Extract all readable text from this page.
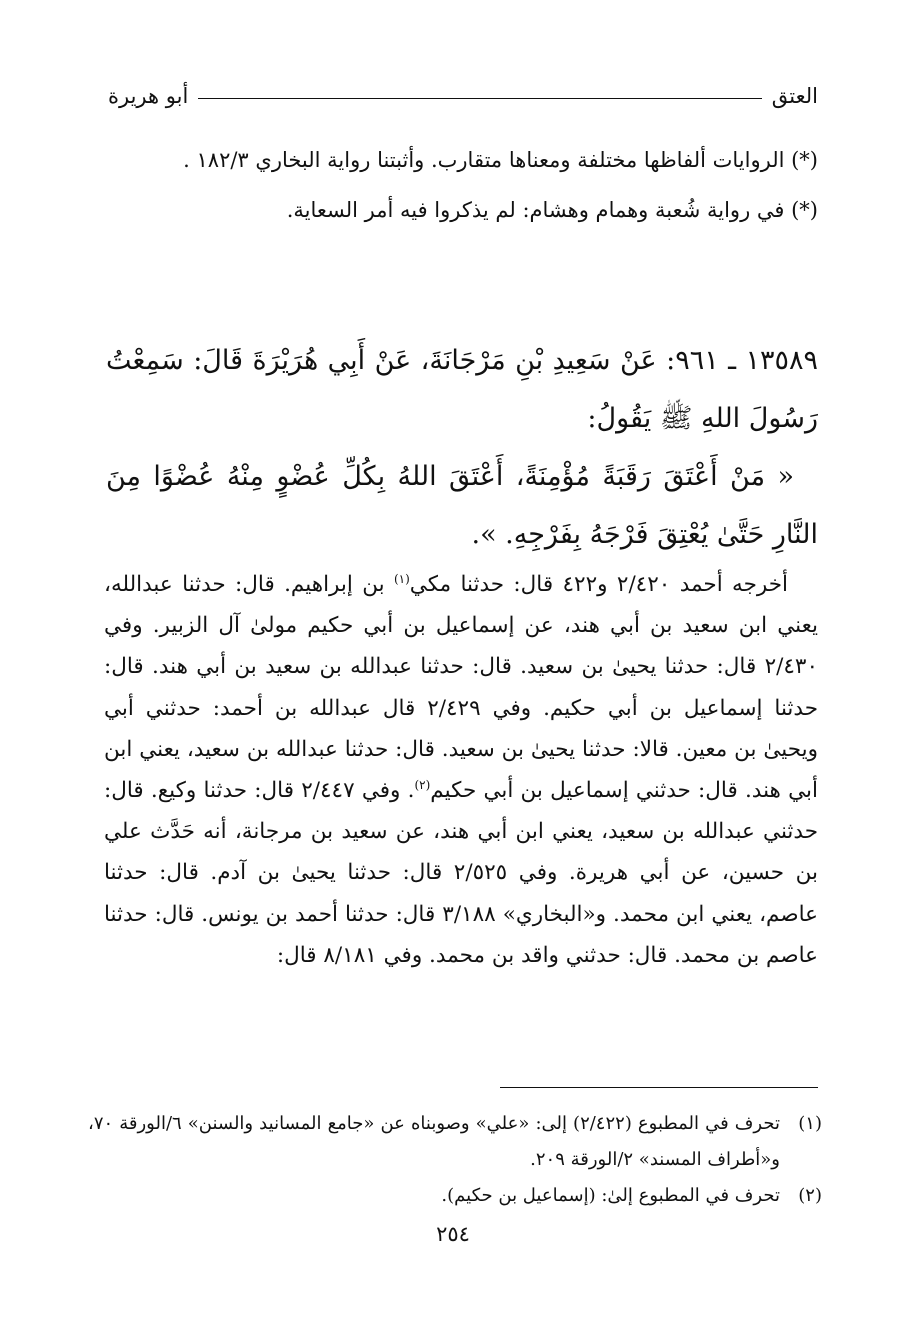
العتق
أبو هريرة

(*) الروايات ألفاظها مختلفة ومعناها متقارب. وأثبتنا رواية البخاري ١٨٢/٣ .

(*) في رواية شُعبة وهمام وهشام: لم يذكروا فيه أمر السعاية.

١٣٥٨٩ ـ ٩٦١: عَنْ سَعِيدِ بْنِ مَرْجَانَةَ، عَنْ أَبِي هُرَيْرَةَ قَالَ: سَمِعْتُ رَسُولَ اللهِ ﷺ يَقُولُ:

« مَنْ أَعْتَقَ رَقَبَةً مُؤْمِنَةً، أَعْتَقَ اللهُ بِكُلِّ عُضْوٍ مِنْهُ عُضْوًا مِنَ النَّارِ حَتَّىٰ يُعْتِقَ فَرْجَهُ بِفَرْجِهِ. ».

أخرجه أحمد ٢/٤٢٠ و٤٢٢ قال: حدثنا مكي$^{(١)}$ بن إبراهيم. قال: حدثنا عبدالله، يعني ابن سعيد بن أبي هند، عن إسماعيل بن أبي حكيم مولىٰ آل الزبير. وفي ٢/٤٣٠ قال: حدثنا يحيىٰ بن سعيد. قال: حدثنا عبدالله بن سعيد بن أبي هند. قال: حدثنا إسماعيل بن أبي حكيم. وفي ٢/٤٢٩ قال عبدالله بن أحمد: حدثني أبي ويحيىٰ بن معين. قالا: حدثنا يحيىٰ بن سعيد. قال: حدثنا عبدالله بن سعيد، يعني ابن أبي هند. قال: حدثني إسماعيل بن أبي حكيم$^{(٢)}$. وفي ٢/٤٤٧ قال: حدثنا وكيع. قال: حدثني عبدالله بن سعيد، يعني ابن أبي هند، عن سعيد بن مرجانة، أنه حَدَّث علي بن حسين، عن أبي هريرة. وفي ٢/٥٢٥ قال: حدثنا يحيىٰ بن آدم. قال: حدثنا عاصم، يعني ابن محمد. و«البخاري» ٣/١٨٨ قال: حدثنا أحمد بن يونس. قال: حدثنا عاصم بن محمد. قال: حدثني واقد بن محمد. وفي ٨/١٨١ قال:

(١)
تحرف في المطبوع (٢/٤٢٢) إلى: «علي» وصوبناه عن «جامع المسانيد والسنن» ٦/الورقة ٧٠، و«أطراف المسند» ٢/الورقة ٢٠٩.
(٢)
تحرف في المطبوع إلىٰ: (إسماعيل بن حكيم).
٢٥٤
